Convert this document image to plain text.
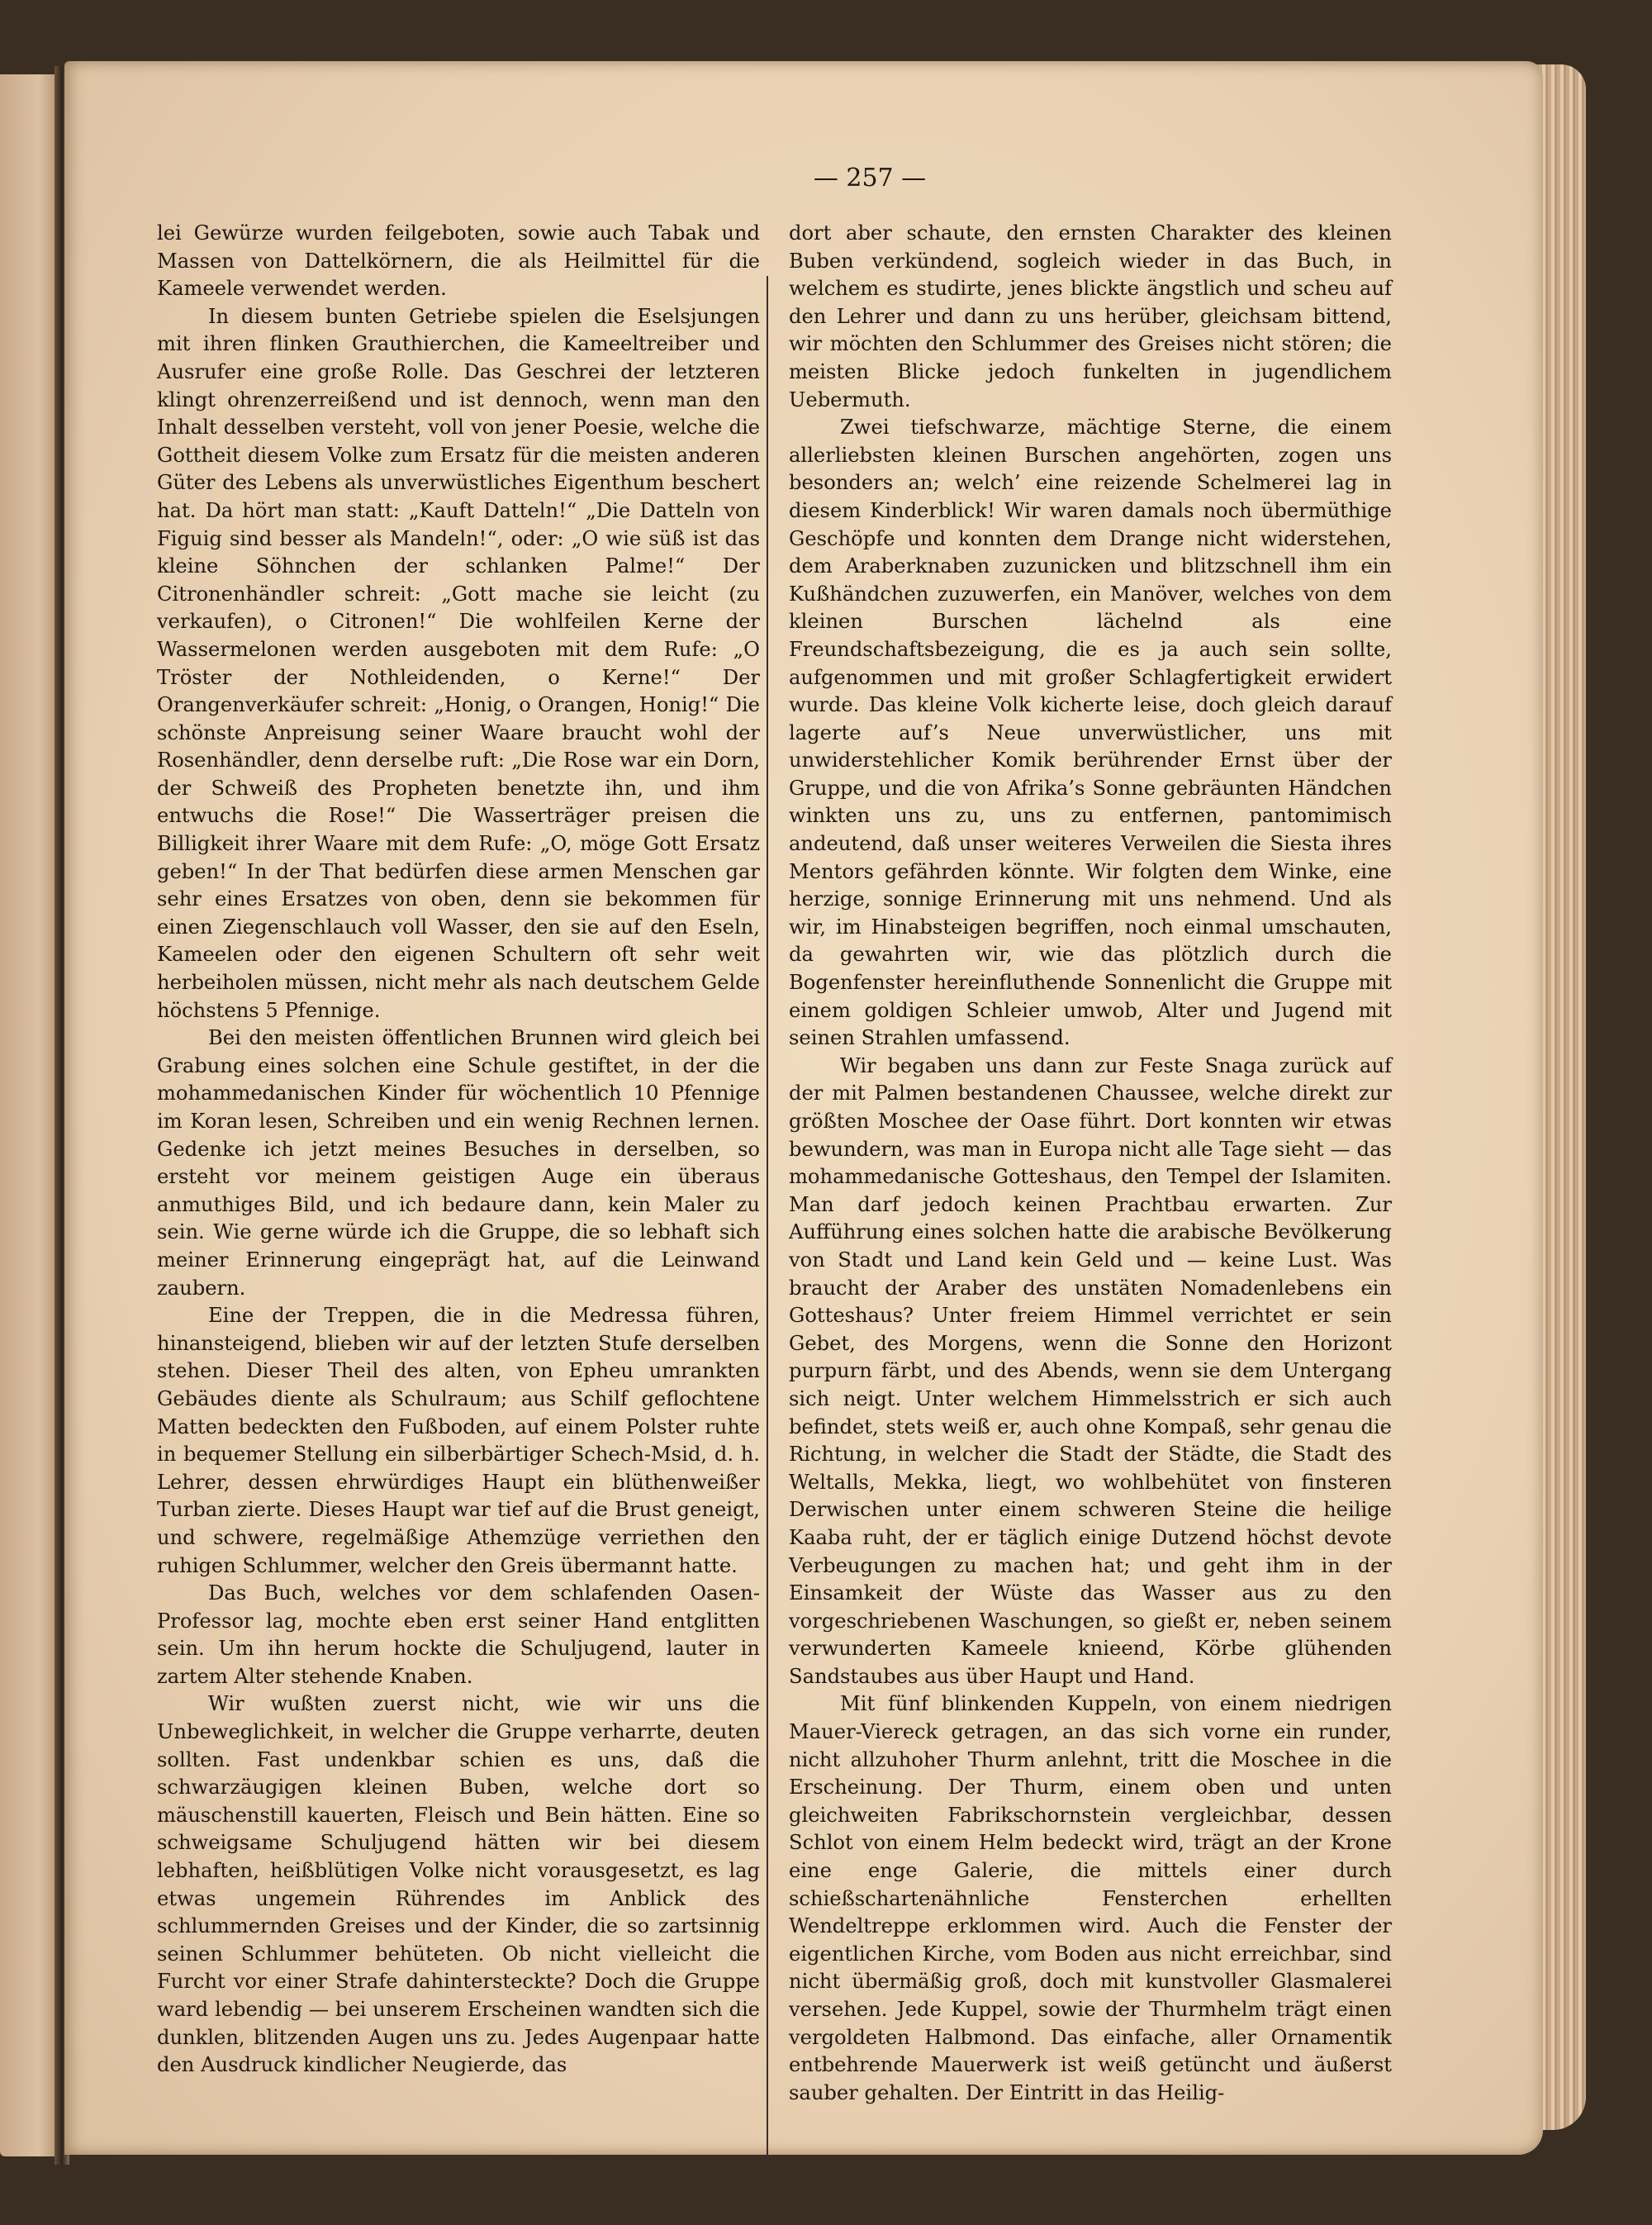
— 257 —

lei Gewürze wurden feilgeboten, sowie auch Tabak und Massen von Dattelkörnern, die als Heilmittel für die Kameele verwendet werden.

In diesem bunten Getriebe spielen die Eselsjungen mit ihren flinken Grauthierchen, die Kameeltreiber und Ausrufer eine große Rolle. Das Geschrei der letzteren klingt ohrenzerreißend und ist dennoch, wenn man den Inhalt desselben versteht, voll von jener Poesie, welche die Gottheit diesem Volke zum Ersatz für die meisten anderen Güter des Lebens als unverwüstliches Eigenthum beschert hat. Da hört man statt: „Kauft Datteln!“ „Die Datteln von Figuig sind besser als Mandeln!“, oder: „O wie süß ist das kleine Söhnchen der schlanken Palme!“ Der Citronenhändler schreit: „Gott mache sie leicht (zu verkaufen), o Citronen!“ Die wohlfeilen Kerne der Wassermelonen werden ausgeboten mit dem Rufe: „O Tröster der Nothleidenden, o Kerne!“ Der Orangenverkäufer schreit: „Honig, o Orangen, Honig!“ Die schönste Anpreisung seiner Waare braucht wohl der Rosenhändler, denn derselbe ruft: „Die Rose war ein Dorn, der Schweiß des Propheten benetzte ihn, und ihm entwuchs die Rose!“ Die Wasserträger preisen die Billigkeit ihrer Waare mit dem Rufe: „O, möge Gott Ersatz geben!“ In der That bedürfen diese armen Menschen gar sehr eines Ersatzes von oben, denn sie bekommen für einen Ziegenschlauch voll Wasser, den sie auf den Eseln, Kameelen oder den eigenen Schultern oft sehr weit herbeiholen müssen, nicht mehr als nach deutschem Gelde höchstens 5 Pfennige.

Bei den meisten öffentlichen Brunnen wird gleich bei Grabung eines solchen eine Schule gestiftet, in der die mohammedanischen Kinder für wöchentlich 10 Pfennige im Koran lesen, Schreiben und ein wenig Rechnen lernen. Gedenke ich jetzt meines Besuches in derselben, so ersteht vor meinem geistigen Auge ein überaus anmuthiges Bild, und ich bedaure dann, kein Maler zu sein. Wie gerne würde ich die Gruppe, die so lebhaft sich meiner Erinnerung eingeprägt hat, auf die Leinwand zaubern.

Eine der Treppen, die in die Medressa führen, hinansteigend, blieben wir auf der letzten Stufe derselben stehen. Dieser Theil des alten, von Epheu umrankten Gebäudes diente als Schulraum; aus Schilf geflochtene Matten bedeckten den Fußboden, auf einem Polster ruhte in bequemer Stellung ein silberbärtiger Schech-Msid, d. h. Lehrer, dessen ehrwürdiges Haupt ein blüthenweißer Turban zierte. Dieses Haupt war tief auf die Brust geneigt, und schwere, regelmäßige Athemzüge verriethen den ruhigen Schlummer, welcher den Greis übermannt hatte.

Das Buch, welches vor dem schlafenden Oasen-Professor lag, mochte eben erst seiner Hand entglitten sein. Um ihn herum hockte die Schuljugend, lauter in zartem Alter stehende Knaben.

Wir wußten zuerst nicht, wie wir uns die Unbeweglichkeit, in welcher die Gruppe verharrte, deuten sollten. Fast undenkbar schien es uns, daß die schwarzäugigen kleinen Buben, welche dort so mäuschenstill kauerten, Fleisch und Bein hätten. Eine so schweigsame Schuljugend hätten wir bei diesem lebhaften, heißblütigen Volke nicht vorausgesetzt, es lag etwas ungemein Rührendes im Anblick des schlummernden Greises und der Kinder, die so zartsinnig seinen Schlummer behüteten. Ob nicht vielleicht die Furcht vor einer Strafe dahintersteckte? Doch die Gruppe ward lebendig — bei unserem Erscheinen wandten sich die dunklen, blitzenden Augen uns zu. Jedes Augenpaar hatte den Ausdruck kindlicher Neugierde, das

dort aber schaute, den ernsten Charakter des kleinen Buben verkündend, sogleich wieder in das Buch, in welchem es studirte, jenes blickte ängstlich und scheu auf den Lehrer und dann zu uns herüber, gleichsam bittend, wir möchten den Schlummer des Greises nicht stören; die meisten Blicke jedoch funkelten in jugendlichem Uebermuth.

Zwei tiefschwarze, mächtige Sterne, die einem allerliebsten kleinen Burschen angehörten, zogen uns besonders an; welch’ eine reizende Schelmerei lag in diesem Kinderblick! Wir waren damals noch übermüthige Geschöpfe und konnten dem Drange nicht widerstehen, dem Araberknaben zuzunicken und blitzschnell ihm ein Kußhändchen zuzuwerfen, ein Manöver, welches von dem kleinen Burschen lächelnd als eine Freundschaftsbezeigung, die es ja auch sein sollte, aufgenommen und mit großer Schlagfertigkeit erwidert wurde. Das kleine Volk kicherte leise, doch gleich darauf lagerte auf’s Neue unverwüstlicher, uns mit unwiderstehlicher Komik berührender Ernst über der Gruppe, und die von Afrika’s Sonne gebräunten Händchen winkten uns zu, uns zu entfernen, pantomimisch andeutend, daß unser weiteres Verweilen die Siesta ihres Mentors gefährden könnte. Wir folgten dem Winke, eine herzige, sonnige Erinnerung mit uns nehmend. Und als wir, im Hinabsteigen begriffen, noch einmal umschauten, da gewahrten wir, wie das plötzlich durch die Bogenfenster hereinfluthende Sonnenlicht die Gruppe mit einem goldigen Schleier umwob, Alter und Jugend mit seinen Strahlen umfassend.

Wir begaben uns dann zur Feste Snaga zurück auf der mit Palmen bestandenen Chaussee, welche direkt zur größten Moschee der Oase führt. Dort konnten wir etwas bewundern, was man in Europa nicht alle Tage sieht — das mohammedanische Gotteshaus, den Tempel der Islamiten. Man darf jedoch keinen Prachtbau erwarten. Zur Aufführung eines solchen hatte die arabische Bevölkerung von Stadt und Land kein Geld und — keine Lust. Was braucht der Araber des unstäten Nomadenlebens ein Gotteshaus? Unter freiem Himmel verrichtet er sein Gebet, des Morgens, wenn die Sonne den Horizont purpurn färbt, und des Abends, wenn sie dem Untergang sich neigt. Unter welchem Himmelsstrich er sich auch befindet, stets weiß er, auch ohne Kompaß, sehr genau die Richtung, in welcher die Stadt der Städte, die Stadt des Weltalls, Mekka, liegt, wo wohlbehütet von finsteren Derwischen unter einem schweren Steine die heilige Kaaba ruht, der er täglich einige Dutzend höchst devote Verbeugungen zu machen hat; und geht ihm in der Einsamkeit der Wüste das Wasser aus zu den vorgeschriebenen Waschungen, so gießt er, neben seinem verwunderten Kameele knieend, Körbe glühenden Sandstaubes aus über Haupt und Hand.

Mit fünf blinkenden Kuppeln, von einem niedrigen Mauer-Viereck getragen, an das sich vorne ein runder, nicht allzuhoher Thurm anlehnt, tritt die Moschee in die Erscheinung. Der Thurm, einem oben und unten gleichweiten Fabrikschornstein vergleichbar, dessen Schlot von einem Helm bedeckt wird, trägt an der Krone eine enge Galerie, die mittels einer durch schießschartenähnliche Fensterchen erhellten Wendeltreppe erklommen wird. Auch die Fenster der eigentlichen Kirche, vom Boden aus nicht erreichbar, sind nicht übermäßig groß, doch mit kunstvoller Glasmalerei versehen. Jede Kuppel, sowie der Thurmhelm trägt einen vergoldeten Halbmond. Das einfache, aller Ornamentik entbehrende Mauerwerk ist weiß getüncht und äußerst sauber gehalten. Der Eintritt in das Heilig-
